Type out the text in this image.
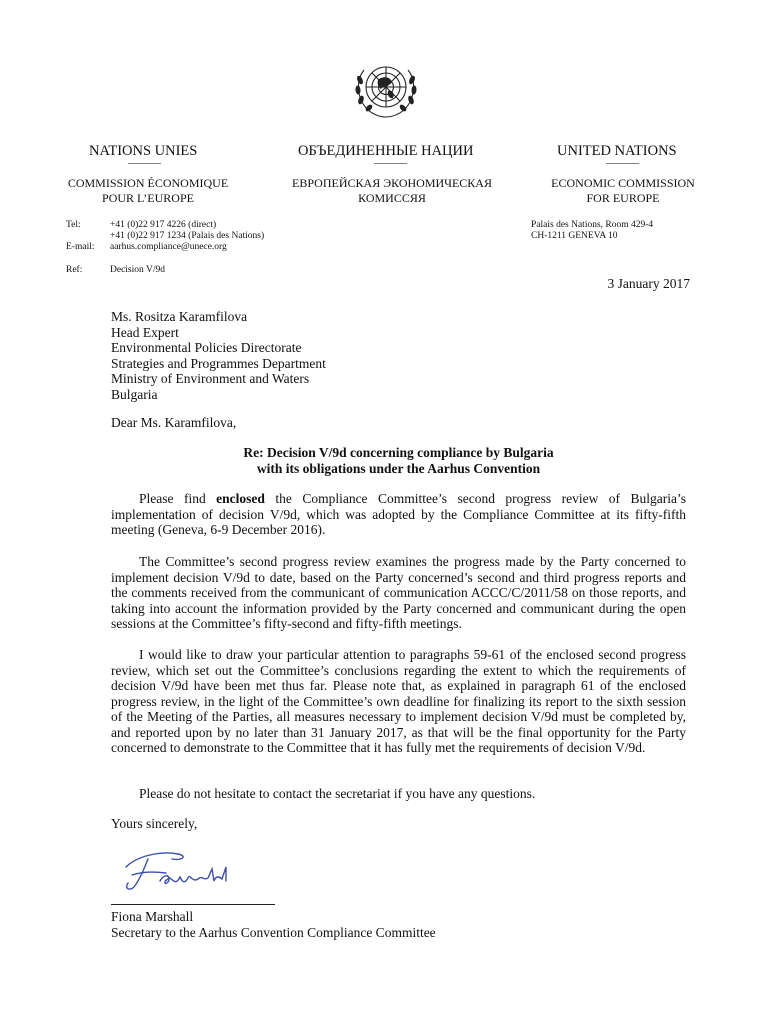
NATIONS UNIES	ОБЪЕДИНЕННЫЕ НАЦИИ	UNITED NATIONS
———	———	———
COMMISSION ÉCONOMIQUE
POUR L’EUROPE
ЕВРОПЕЙСКАЯ ЭКОНОМИЧЕСКАЯ
КОМИССЯЯ
ECONOMIC COMMISSION
FOR EUROPE
Tel:	+41 (0)22 917 4226 (direct)
+41 (0)22 917 1234 (Palais des Nations)
E-mail: aarhus.compliance@unece.org
Palais des Nations, Room 429-4
CH-1211 GENEVA 10
Ref:	Decision V/9d
3 January 2017
Ms. Rositza Karamfilova
Head Expert
Environmental Policies Directorate
Strategies and Programmes Department
Ministry of Environment and Waters
Bulgaria
Dear Ms. Karamfilova,
Re: Decision V/9d concerning compliance by Bulgaria
with its obligations under the Aarhus Convention
Please find enclosed the Compliance Committee’s second progress review of Bulgaria’s implementation of decision V/9d, which was adopted by the Compliance Committee at its fifty-fifth meeting (Geneva, 6-9 December 2016).
The Committee’s second progress review examines the progress made by the Party concerned to implement decision V/9d to date, based on the Party concerned’s second and third progress reports and the comments received from the communicant of communication ACCC/C/2011/58 on those reports, and taking into account the information provided by the Party concerned and communicant during the open sessions at the Committee’s fifty-second and fifty-fifth meetings.
I would like to draw your particular attention to paragraphs 59-61 of the enclosed second progress review, which set out the Committee’s conclusions regarding the extent to which the requirements of decision V/9d have been met thus far. Please note that, as explained in paragraph 61 of the enclosed progress review, in the light of the Committee’s own deadline for finalizing its report to the sixth session of the Meeting of the Parties, all measures necessary to implement decision V/9d must be completed by, and reported upon by no later than 31 January 2017, as that will be the final opportunity for the Party concerned to demonstrate to the Committee that it has fully met the requirements of decision V/9d.
Please do not hesitate to contact the secretariat if you have any questions.
Yours sincerely,
Fiona Marshall
Secretary to the Aarhus Convention Compliance Committee
